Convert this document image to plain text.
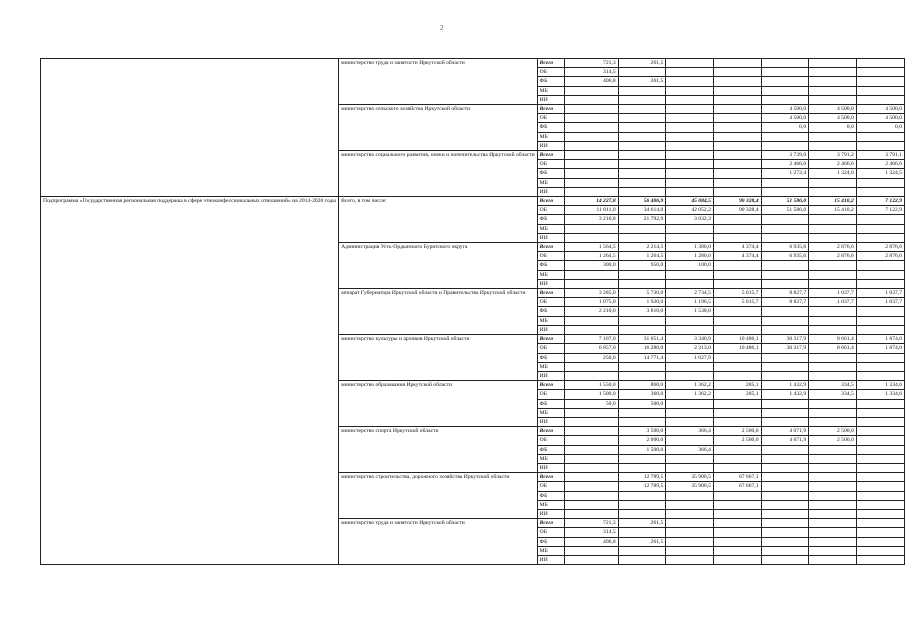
2
	министерство труда и занятости Иркутской области	Всего	721,3	261,5					
		ОБ	314,5						
		ФБ	406,8	261,5					
		МБ							
		ИИ							
	министерство сельского хозяйства Иркутской области	Всего					4 500,0	4 500,0	4 500,0
		ОБ					4 500,0	4 500,0	4 500,0
		ФБ					0,0	0,0	0,0
		МБ							
		ИИ							
	министерство социального развития, опеки и попечительства Иркутской области	Всего					3 739,0	3 791,2	3 791,1
		ОБ					2 466,6	2 466,6	2 466,6
		ФБ					1 272,4	1 324,6	1 324,5
		МБ							
		ИИ							
Подпрограмма «Государственная региональная поддержка в сфере этноконфессиональных отношений» на 2014-2020 годы	Всего, в том числе:	Всего	14 227,8	56 406,9	45 084,5	90 328,4	51 586,0	15 410,2	7 122,9
		ОБ	11 011,0	34 614,0	42 052,2	90 328,4	51 586,0	15 410,2	7 122,9
		ФБ	3 216,8	21 792,9	3 032,3				
		МБ							
		ИИ							
	Администрация Усть-Ордынского Бурятского округа	Всего	1 564,5	2 214,5	1 380,0	4 374,4	6 935,6	2 876,6	2 876,6
		ОБ	1 264,5	1 264,5	1 280,0	4 374,4	6 935,6	2 876,6	2 876,6
		ФБ	300,0	950,0	100,0				
		МБ							
		ИИ							
	аппарат Губернатора Иркутской области и Правительства Иркутской области	Всего	3 285,0	5 730,0	2 734,5	5 015,7	8 827,7	1 037,7	1 037,7
		ОБ	1 075,0	1 920,0	1 196,5	5 015,7	8 827,7	1 037,7	1 037,7
		ФБ	2 210,0	3 810,0	1 538,0				
		МБ							
		ИИ							
	министерство культуры и архивов Иркутской области	Всего	7 107,0	31 051,4	3 340,9	10 486,1	30 317,9	8 661,4	1 874,0
		ОБ	6 857,0	16 280,0	2 313,0	10 486,1	30 317,9	8 661,4	1 874,0
		ФБ	250,0	14 771,4	1 027,9				
		МБ							
		ИИ							
	министерство образования Иркутской области	Всего	1 550,0	860,0	1 362,2	285,1	1 432,9	334,5	1 334,6
		ОБ	1 500,0	360,0	1 362,2	285,1	1 432,9	334,5	1 334,6
		ФБ	50,0	500,0					
		МБ							
		ИИ							
	министерство спорта Иркутской области	Всего		3 500,0	366,4	2 500,0	4 071,9	2 500,0	
		ОБ		2 000,0		2 500,0	4 071,9	2 500,0	
		ФБ		1 500,0	366,4				
		МБ							
		ИИ							
	министерство строительства, дорожного хозяйства Иркутской области	Всего		12 789,5	35 900,5	67 667,1			
		ОБ		12 789,5	35 900,5	67 667,1			
		ФБ							
		МБ							
		ИИ							
	министерство труда и занятости Иркутской области	Всего	721,3	261,5					
		ОБ	314,5						
		ФБ	406,8	261,5					
		МБ							
		ИИ							
